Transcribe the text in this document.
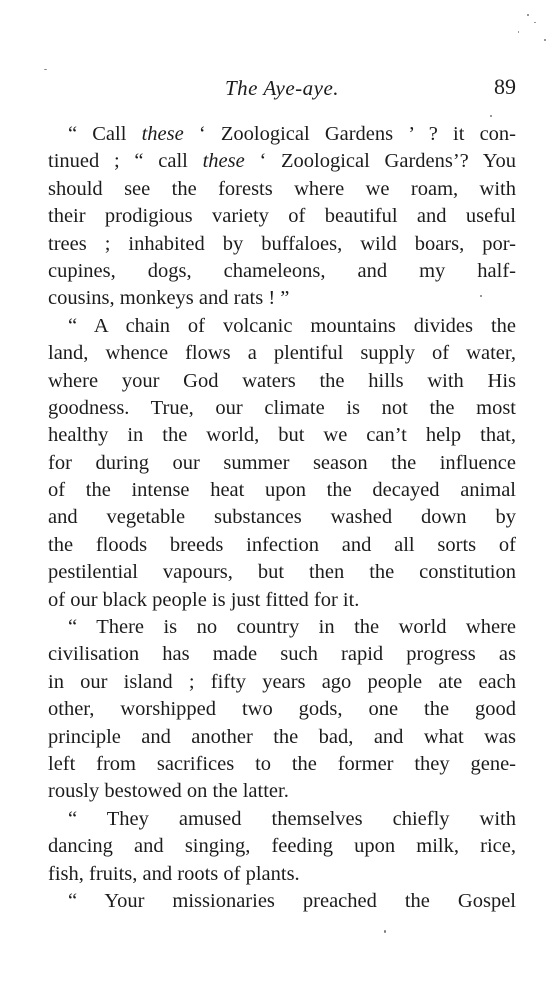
The Aye-aye.	89
“ Call these ‘ Zoological Gardens ’ ? it con-
tinued ; “ call these ‘ Zoological Gardens’? You
should see the forests where we roam, with
their prodigious variety of beautiful and useful
trees ; inhabited by buffaloes, wild boars, por-
cupines, dogs, chameleons, and my half-
cousins, monkeys and rats ! ”
“ A chain of volcanic mountains divides the
land, whence flows a plentiful supply of water,
where your God waters the hills with His
goodness. True, our climate is not the most
healthy in the world, but we can’t help that,
for during our summer season the influence
of the intense heat upon the decayed animal
and vegetable substances washed down by
the floods breeds infection and all sorts of
pestilential vapours, but then the constitution
of our black people is just fitted for it.
“ There is no country in the world where
civilisation has made such rapid progress as
in our island ; fifty years ago people ate each
other, worshipped two gods, one the good
principle and another the bad, and what was
left from sacrifices to the former they gene-
rously bestowed on the latter.
“ They amused themselves chiefly with
dancing and singing, feeding upon milk, rice,
fish, fruits, and roots of plants.
“ Your missionaries preached the Gospel
